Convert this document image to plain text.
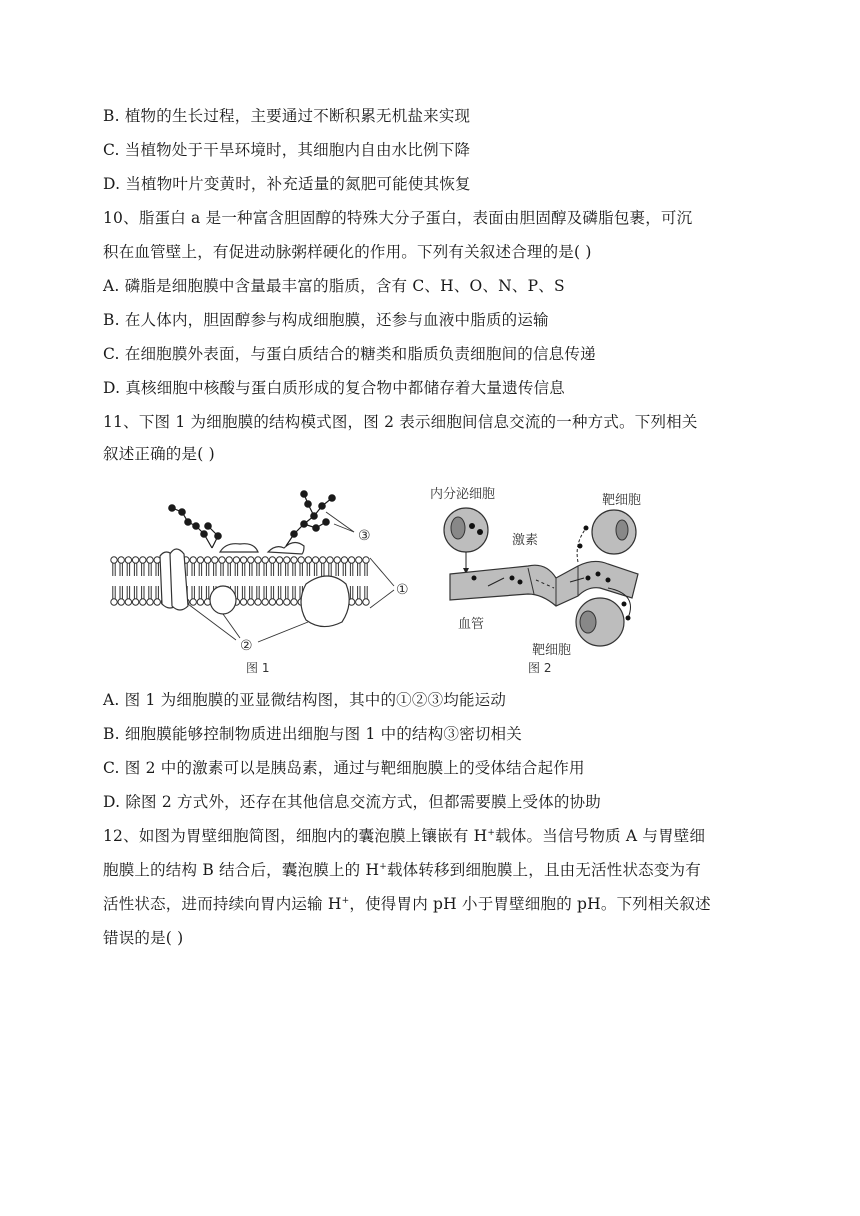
B. 植物的生长过程，主要通过不断积累无机盐来实现
C. 当植物处于干旱环境时，其细胞内自由水比例下降
D. 当植物叶片变黄时，补充适量的氮肥可能使其恢复
10、脂蛋白 a 是一种富含胆固醇的特殊大分子蛋白，表面由胆固醇及磷脂包裹，可沉
积在血管壁上，有促进动脉粥样硬化的作用。下列有关叙述合理的是( )
A. 磷脂是细胞膜中含量最丰富的脂质，含有 C、H、O、N、P、S
B. 在人体内，胆固醇参与构成细胞膜，还参与血液中脂质的运输
C. 在细胞膜外表面，与蛋白质结合的糖类和脂质负责细胞间的信息传递
D. 真核细胞中核酸与蛋白质形成的复合物中都储存着大量遗传信息
11、下图 1 为细胞膜的结构模式图，图 2 表示细胞间信息交流的一种方式。下列相关
叙述正确的是( )
③
①
②
图 1
内分泌细胞	靶细胞
激素
血管
靶细胞
图 2
A. 图 1 为细胞膜的亚显微结构图，其中的①②③均能运动
B. 细胞膜能够控制物质进出细胞与图 1 中的结构③密切相关
C. 图 2 中的激素可以是胰岛素，通过与靶细胞膜上的受体结合起作用
D. 除图 2 方式外，还存在其他信息交流方式，但都需要膜上受体的协助
12、如图为胃壁细胞简图，细胞内的囊泡膜上镶嵌有 H+载体。当信号物质 A 与胃壁细
胞膜上的结构 B 结合后，囊泡膜上的 H+载体转移到细胞膜上，且由无活性状态变为有
活性状态，进而持续向胃内运输 H+，使得胃内 pH 小于胃壁细胞的 pH。下列相关叙述
错误的是( )
